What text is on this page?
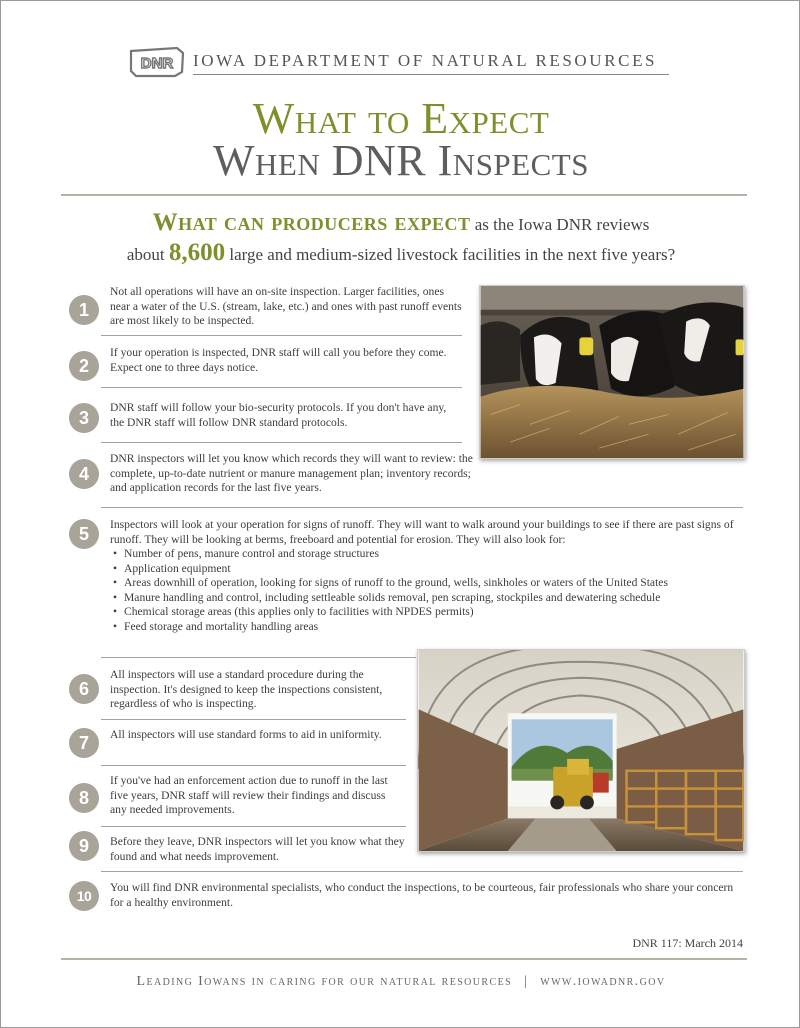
DNR IOWA DEPARTMENT OF NATURAL RESOURCES
What to Expect
When DNR Inspects
What can producers expect as the Iowa DNR reviews
about 8,600 large and medium-sized livestock facilities in the next five years?
1
Not all operations will have an on-site inspection. Larger facilities, ones near a water of the U.S. (stream, lake, etc.) and ones with past runoff events are most likely to be inspected.
2
If your operation is inspected, DNR staff will call you before they come. Expect one to three days notice.
3
DNR staff will follow your bio-security protocols. If you don't have any, the DNR staff will follow DNR standard protocols.
4
DNR inspectors will let you know which records they will want to review: the complete, up-to-date nutrient or manure management plan; inventory records; and application records for the last five years.
5	Inspectors will look at your operation for signs of runoff. They will want to walk around your buildings to see if there are past signs of runoff. They will be looking at berms, freeboard and potential for erosion. They will also look for:
• Number of pens, manure control and storage structures
• Application equipment
• Areas downhill of operation, looking for signs of runoff to the ground, wells, sinkholes or waters of the United States
• Manure handling and control, including settleable solids removal, pen scraping, stockpiles and dewatering schedule
• Chemical storage areas (this applies only to facilities with NPDES permits)
• Feed storage and mortality handling areas
6
All inspectors will use a standard procedure during the inspection. It's designed to keep the inspections consistent, regardless of who is inspecting.
7	All inspectors will use standard forms to aid in uniformity.
8
If you've had an enforcement action due to runoff in the last five years, DNR staff will review their findings and discuss any needed improvements.
9	Before they leave, DNR inspectors will let you know what they found and what needs improvement.
10
You will find DNR environmental specialists, who conduct the inspections, to be courteous, fair professionals who share your concern for a healthy environment.
DNR 117: March 2014
Leading Iowans in caring for our natural resources | www.iowadnr.gov
